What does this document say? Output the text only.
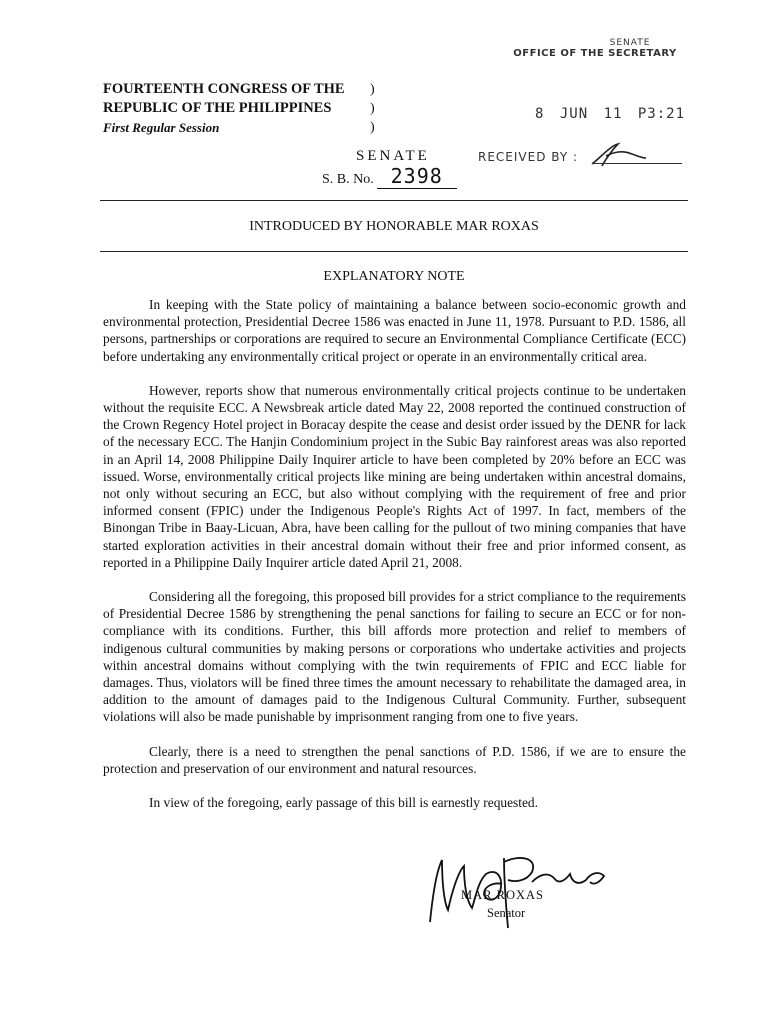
SENATE
OFFICE OF THE SECRETARY
FOURTEENTH CONGRESS OF THE
REPUBLIC OF THE PHILIPPINES
First Regular Session
)
)
)
8 JUN 11 P3:21
SENATE
S. B. No. 2398
RECEIVED BY :
INTRODUCED BY HONORABLE MAR ROXAS
EXPLANATORY NOTE

In keeping with the State policy of maintaining a balance between socio-economic growth and environmental protection, Presidential Decree 1586 was enacted in June 11, 1978. Pursuant to P.D. 1586, all persons, partnerships or corporations are required to secure an Environmental Compliance Certificate (ECC) before undertaking any environmentally critical project or operate in an environmentally critical area.

However, reports show that numerous environmentally critical projects continue to be undertaken without the requisite ECC. A Newsbreak article dated May 22, 2008 reported the continued construction of the Crown Regency Hotel project in Boracay despite the cease and desist order issued by the DENR for lack of the necessary ECC. The Hanjin Condominium project in the Subic Bay rainforest areas was also reported in an April 14, 2008 Philippine Daily Inquirer article to have been completed by 20% before an ECC was issued. Worse, environmentally critical projects like mining are being undertaken within ancestral domains, not only without securing an ECC, but also without complying with the requirement of free and prior informed consent (FPIC) under the Indigenous People's Rights Act of 1997. In fact, members of the Binongan Tribe in Baay-Licuan, Abra, have been calling for the pullout of two mining companies that have started exploration activities in their ancestral domain without their free and prior informed consent, as reported in a Philippine Daily Inquirer article dated April 21, 2008.

Considering all the foregoing, this proposed bill provides for a strict compliance to the requirements of Presidential Decree 1586 by strengthening the penal sanctions for failing to secure an ECC or for non-compliance with its conditions. Further, this bill affords more protection and relief to members of indigenous cultural communities by making persons or corporations who undertake activities and projects within ancestral domains without complying with the twin requirements of FPIC and ECC liable for damages. Thus, violators will be fined three times the amount necessary to rehabilitate the damaged area, in addition to the amount of damages paid to the Indigenous Cultural Community. Further, subsequent violations will also be made punishable by imprisonment ranging from one to five years.

Clearly, there is a need to strengthen the penal sanctions of P.D. 1586, if we are to ensure the protection and preservation of our environment and natural resources.

In view of the foregoing, early passage of this bill is earnestly requested.

MAR ROXAS
Senator
